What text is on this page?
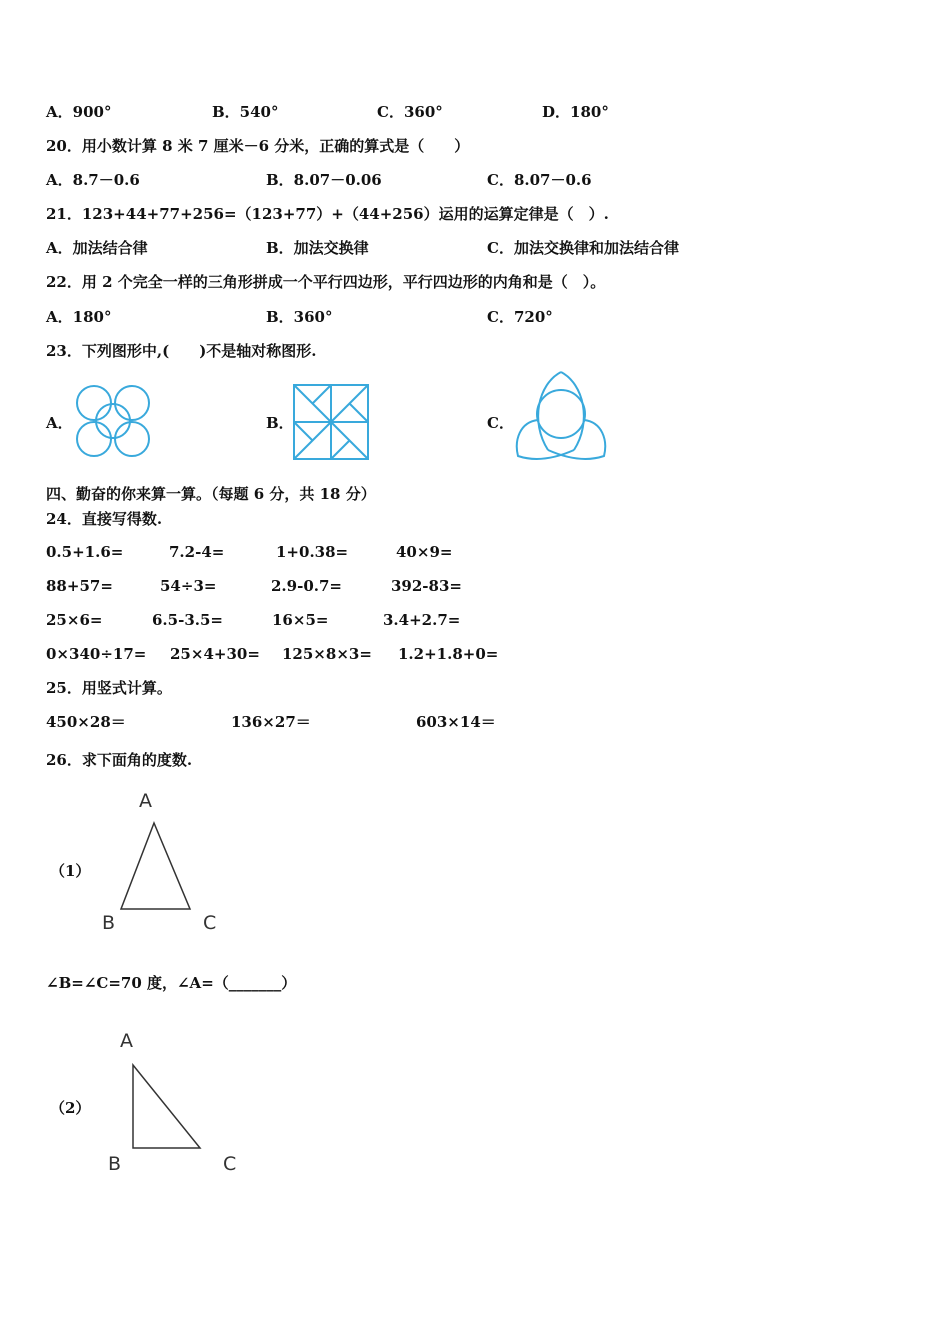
A．900°	B．540°	C．360°	D．180°
20．用小数计算 8 米 7 厘米－6 分米，正确的算式是（　　）
A．8.7－0.6	B．8.07－0.06	C．8.07－0.6
21．123+44+77+256=（123+77）+（44+256）运用的运算定律是（　）.
A．加法结合律	B．加法交换律	C．加法交换律和加法结合律
22．用 2 个完全一样的三角形拼成一个平行四边形，平行四边形的内角和是（　）。
A．180°	B．360°	C．720°
23．下列图形中,(　　)不是轴对称图形.
A．	B．	C．
四、勤奋的你来算一算。（每题 6 分，共 18 分）
24．直接写得数.
0.5+1.6=	7.2-4=	1+0.38=	40×9=
88+57=	54÷3=	2.9-0.7=	392-83=
25×6=	6.5-3.5=	16×5=	3.4+2.7=
0×340÷17= 25×4+30= 125×8×3= 1.2+1.8+0=
25．用竖式计算。
450×28＝	136×27＝	603×14＝
26．求下面角的度数.
（1）
A
B	C
∠B=∠C=70 度，∠A=（_______）
（2）
A
B	C
